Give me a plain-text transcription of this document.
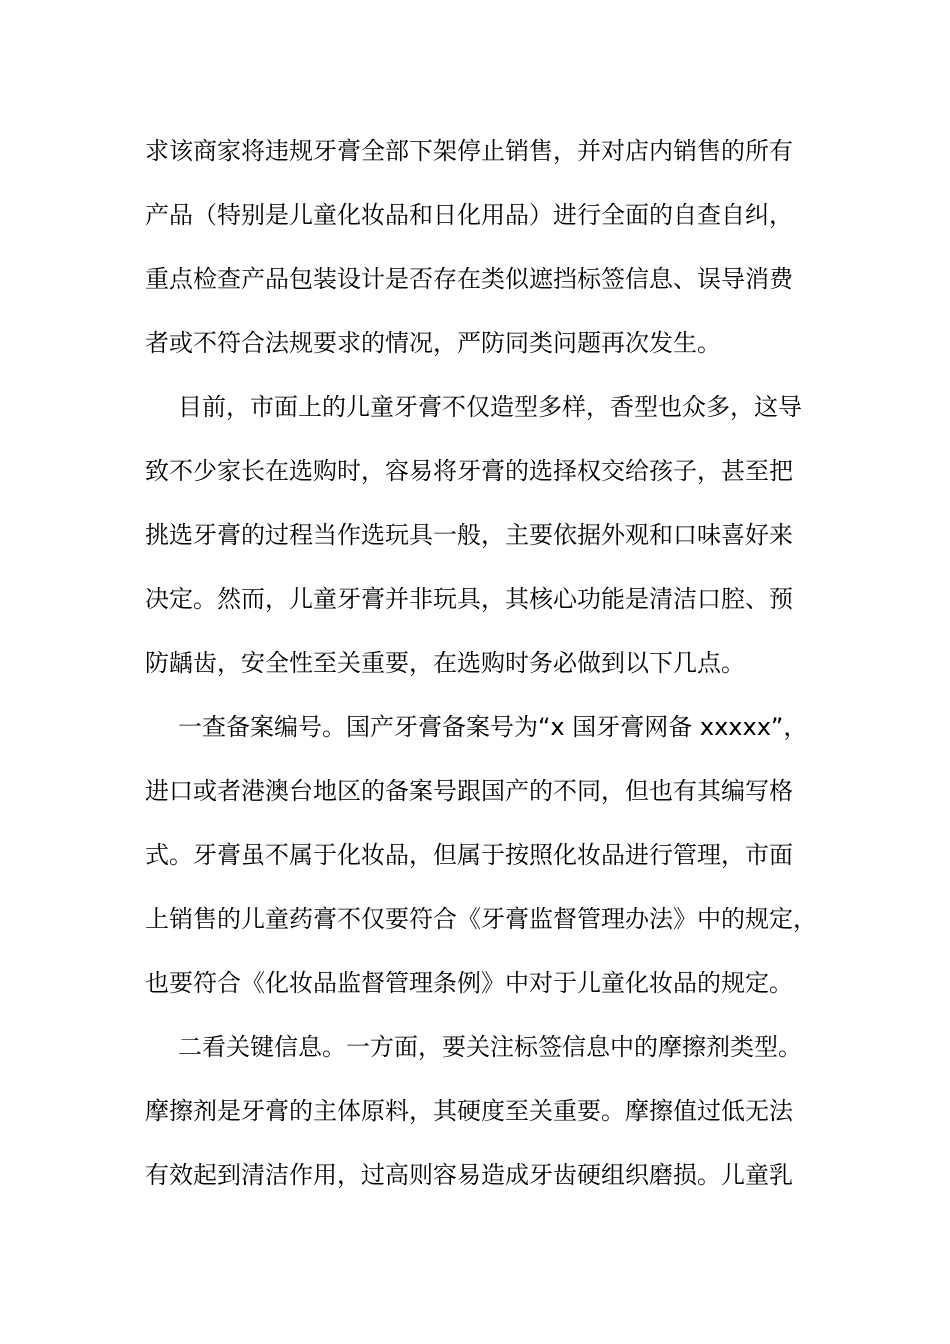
求该商家将违规牙膏全部下架停止销售，并对店内销售的所有
产品（特别是儿童化妆品和日化用品）进行全面的自查自纠，
重点检查产品包装设计是否存在类似遮挡标签信息、误导消费
者或不符合法规要求的情况，严防同类问题再次发生。
目前，市面上的儿童牙膏不仅造型多样，香型也众多，这导
致不少家长在选购时，容易将牙膏的选择权交给孩子，甚至把
挑选牙膏的过程当作选玩具一般，主要依据外观和口味喜好来
决定。然而，儿童牙膏并非玩具，其核心功能是清洁口腔、预
防龋齿，安全性至关重要，在选购时务必做到以下几点。
一查备案编号。国产牙膏备案号为“x 国牙膏网备 xxxxx”，
进口或者港澳台地区的备案号跟国产的不同，但也有其编写格
式。牙膏虽不属于化妆品，但属于按照化妆品进行管理，市面
上销售的儿童药膏不仅要符合《牙膏监督管理办法》中的规定，
也要符合《化妆品监督管理条例》中对于儿童化妆品的规定。
二看关键信息。一方面，要关注标签信息中的摩擦剂类型。
摩擦剂是牙膏的主体原料，其硬度至关重要。摩擦值过低无法
有效起到清洁作用，过高则容易造成牙齿硬组织磨损。儿童乳
